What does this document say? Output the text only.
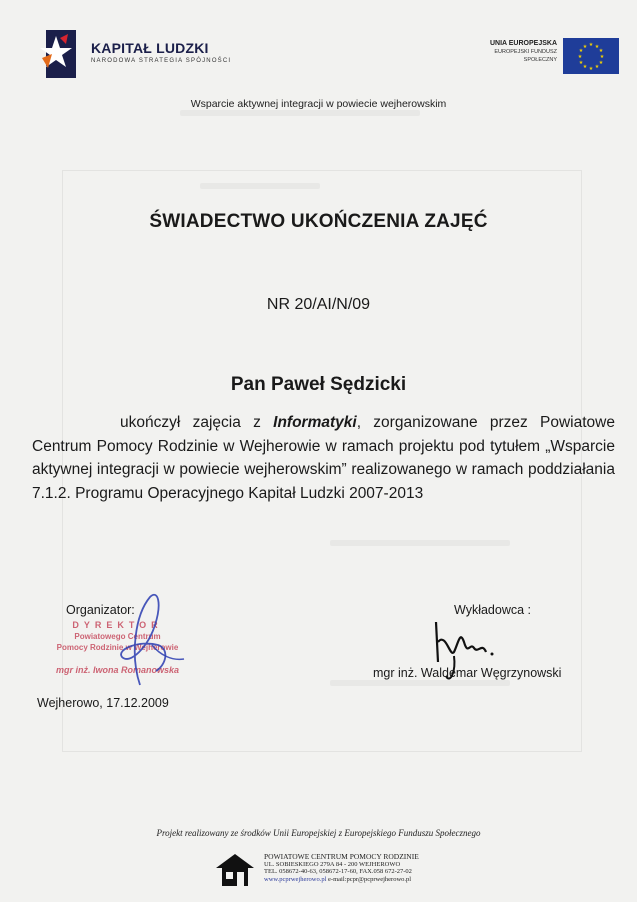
KAPITAŁ LUDZKI
NARODOWA STRATEGIA SPÓJNOŚCI
UNIA EUROPEJSKA
EUROPEJSKI FUNDUSZ
SPOŁECZNY
★ ★
★
★
★
★
★
★
★
★
★
★
Wsparcie aktywnej integracji w powiecie wejherowskim
ŚWIADECTWO UKOŃCZENIA ZAJĘĆ
NR 20/AI/N/09
Pan Paweł Sędzicki
ukończył zajęcia z Informatyki, zorganizowane przez Powiatowe Centrum Pomocy Rodzinie w Wejherowie w ramach projektu pod tytułem „Wsparcie aktywnej integracji w powiecie wejherowskim” realizowanego w ramach poddziałania 7.1.2. Programu Operacyjnego Kapitał Ludzki 2007-2013
Organizator:
DYREKTOR
Powiatowego Centrum
Pomocy Rodzinie w Wejherowie
mgr inż. Iwona Romanowska
Wejherowo, 17.12.2009
Wykładowca :
mgr inż. Waldemar Węgrzynowski
Projekt realizowany ze środków Unii Europejskiej z Europejskiego Funduszu Społecznego
POWIATOWE CENTRUM POMOCY RODZINIE
UL. SOBIESKIEGO 279A 84 - 200 WEJHEROWO
TEL. 058672-40-63, 058672-17-60, FAX.058 672-27-02
www.pcprwejherowo.pl e-mail:pcpr@pcprwejherowo.pl
